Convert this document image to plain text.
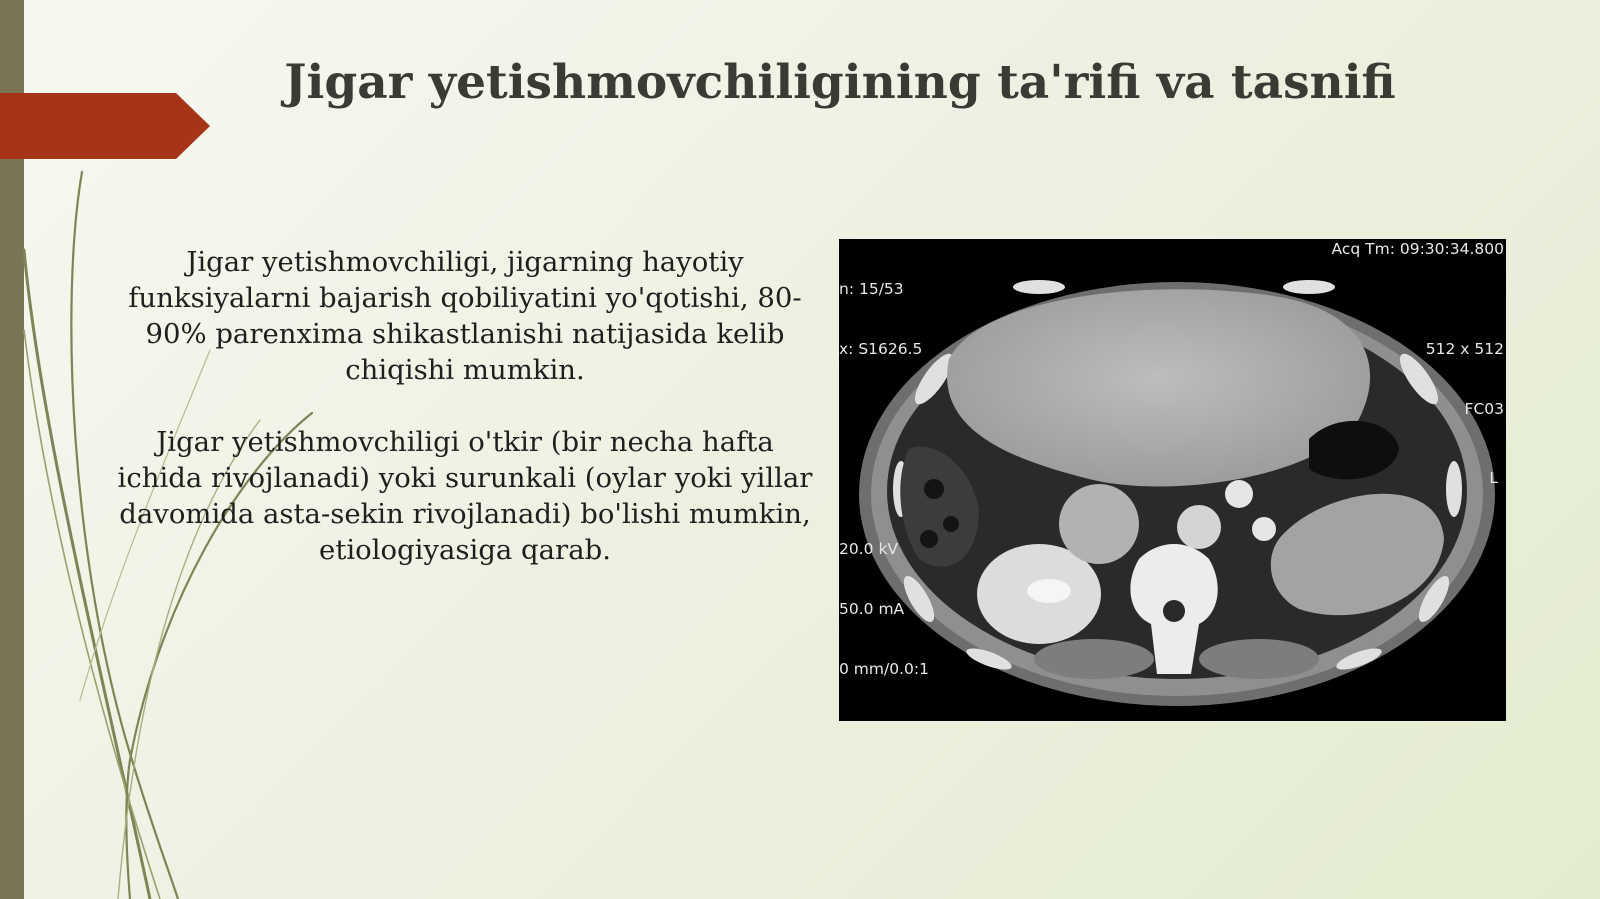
Jigar yetishmovchiligining ta'rifi va tasnifi

Jigar yetishmovchiligi, jigarning hayotiy funksiyalarni bajarish qobiliyatini yo'qotishi, 80-90% parenxima shikastlanishi natijasida kelib chiqishi mumkin.

Jigar yetishmovchiligi o'tkir (bir necha hafta ichida rivojlanadi) yoki surunkali (oylar yoki yillar davomida asta-sekin rivojlanadi) bo'lishi mumkin, etiologiyasiga qarab.

n: 15/53

x: S1626.5

Acq Tm: 09:30:34.800

512 x 512

FC03

L

20.0 kV

50.0 mA

0 mm/0.0:1
